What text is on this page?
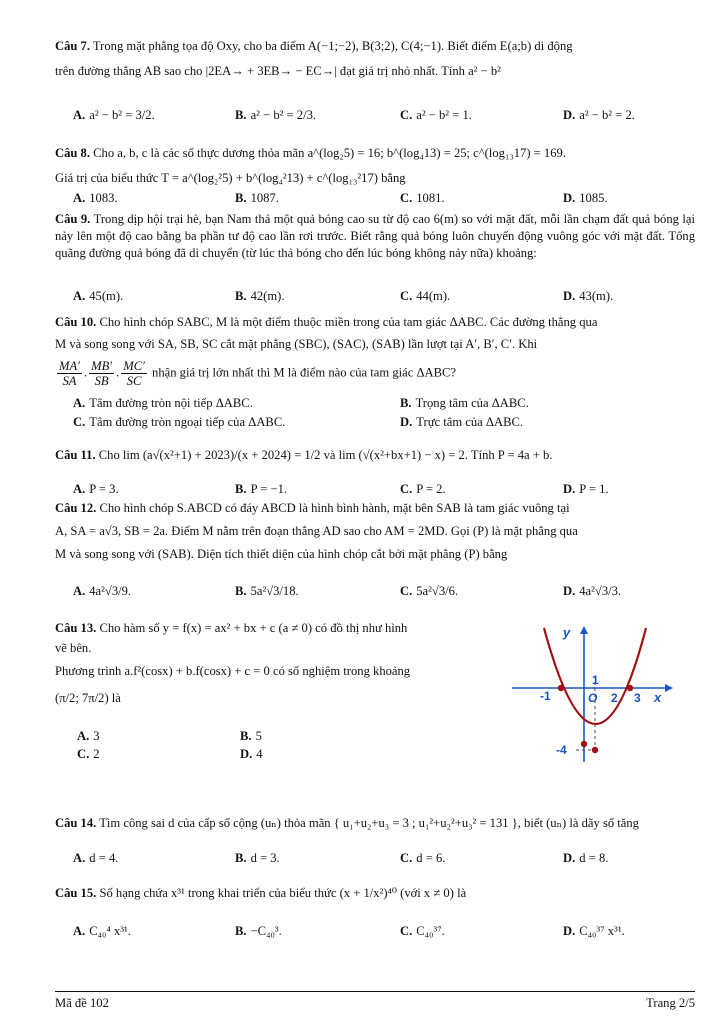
Câu 7. Trong mặt phẳng tọa độ Oxy, cho ba điểm A(−1;−2), B(3;2), C(4;−1). Biết điểm E(a;b) di động
trên đường thẳng AB sao cho |2EA→ + 3EB→ − EC→| đạt giá trị nhỏ nhất. Tính a² − b²
A. a² − b² = 3/2.	B. a² − b² = 2/3.	C. a² − b² = 1.	D. a² − b² = 2.
Câu 8. Cho a, b, c là các số thực dương thỏa mãn a^(log₂5) = 16; b^(log₄13) = 25; c^(log₁₃17) = 169.
Giá trị của biểu thức T = a^(log₂²5) + b^(log₄²13) + c^(log₁₃²17) bằng
A. 1083.	B. 1087.	C. 1081.	D. 1085.
Câu 9. Trong dịp hội trại hè, bạn Nam thả một quả bóng cao su từ độ cao 6(m) so với mặt đất, mỗi lần chạm đất quả bóng lại nảy lên một độ cao bằng ba phần tư độ cao lần rơi trước. Biết rằng quả bóng luôn chuyển động vuông góc với mặt đất. Tổng quãng đường quả bóng đã di chuyển (từ lúc thả bóng cho đến lúc bóng không nảy nữa) khoảng:
A. 45(m).	B. 42(m).	C. 44(m).	D. 43(m).
Câu 10. Cho hình chóp SABC, M là một điểm thuộc miền trong của tam giác ΔABC. Các đường thẳng qua
M và song song với SA, SB, SC cắt mặt phẳng (SBC), (SAC), (SAB) lần lượt tại A′, B′, C′. Khi
$\frac{MA'}{SA}$ . $\frac{MB'}{SB}$ . $\frac{MC'}{SC}$ nhận giá trị lớn nhất thì M là điểm nào của tam giác ΔABC?
A. Tâm đường tròn nội tiếp ΔABC.	B. Trọng tâm của ΔABC.
C. Tâm đường tròn ngoại tiếp của ΔABC.	D. Trực tâm của ΔABC.
Câu 11. Cho lim (a√(x²+1) + 2023)/(x + 2024) = 1/2 và lim (√(x²+bx+1) − x) = 2. Tính P = 4a + b.
A. P = 3.	B. P = −1.	C. P = 2.	D. P = 1.
Câu 12. Cho hình chóp S.ABCD có đáy ABCD là hình bình hành, mặt bên SAB là tam giác vuông tại
A, SA = a√3, SB = 2a. Điểm M nằm trên đoạn thẳng AD sao cho AM = 2MD. Gọi (P) là mặt phẳng qua
M và song song với (SAB). Diện tích thiết diện của hình chóp cắt bởi mặt phẳng (P) bằng
A. 4a²√3/9.	B. 5a²√3/18.	C. 5a²√3/6.	D. 4a²√3/3.
Câu 13. Cho hàm số y = f(x) = ax² + bx + c (a ≠ 0) có đồ thị như hình
vẽ bên.
Phương trình a.f²(cosx) + b.f(cosx) + c = 0 có số nghiệm trong khoảng
(π/2; 7π/2) là
A. 3	B. 5
C. 2	D. 4
y
x
O
-1
1
2 3
-4
Câu 14. Tìm công sai d của cấp số cộng (uₙ) thỏa mãn { u₁+u₂+u₃ = 3 ; u₁²+u₂²+u₃² = 131 }, biết (uₙ) là dãy số tăng
A. d = 4.	B. d = 3.	C. d = 6.	D. d = 8.
Câu 15. Số hạng chứa x³¹ trong khai triển của biểu thức (x + 1/x²)⁴⁰ (với x ≠ 0) là
A. C₄₀⁴ x³¹.	B. −C₄₀³.	C. C₄₀³⁷.	D. C₄₀³⁷ x³¹.
Mã đề 102	Trang 2/5
